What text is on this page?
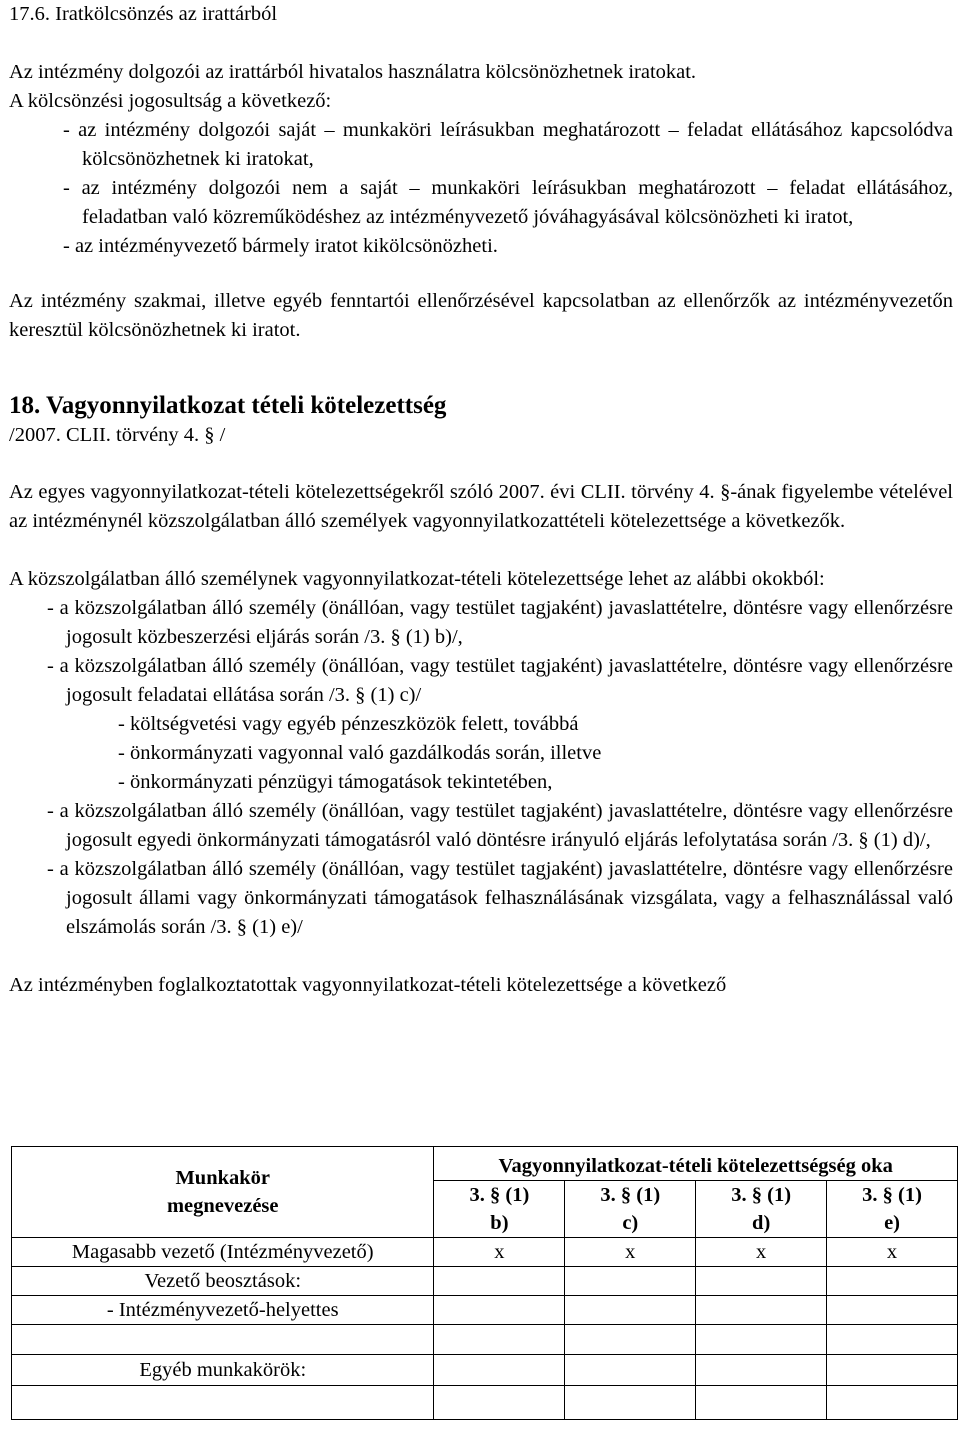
17.6. Iratkölcsönzés az irattárból

Az intézmény dolgozói az irattárból hivatalos használatra kölcsönözhetnek iratokat.

A kölcsönzési jogosultság a következő:

- az intézmény dolgozói saját – munkaköri leírásukban meghatározott – feladat ellátásához kapcsolódva kölcsönözhetnek ki iratokat,

- az intézmény dolgozói nem a saját – munkaköri leírásukban meghatározott – feladat ellátásához, feladatban való közreműködéshez az intézményvezető jóváhagyásával kölcsönözheti ki iratot,

- az intézményvezető bármely iratot kikölcsönözheti.

Az intézmény szakmai, illetve egyéb fenntartói ellenőrzésével kapcsolatban az ellenőrzők az intézményvezetőn keresztül kölcsönözhetnek ki iratot.

18. Vagyonnyilatkozat tételi kötelezettség

/2007. CLII. törvény 4. § /

Az egyes vagyonnyilatkozat-tételi kötelezettségekről szóló 2007. évi CLII. törvény 4. §-ának figyelembe vételével az intézménynél közszolgálatban álló személyek vagyonnyilatkozattételi kötelezettsége a következők.

A közszolgálatban álló személynek vagyonnyilatkozat-tételi kötelezettsége lehet az alábbi okokból:

- a közszolgálatban álló személy (önállóan, vagy testület tagjaként) javaslattételre, döntésre vagy ellenőrzésre jogosult közbeszerzési eljárás során /3. § (1) b)/,

- a közszolgálatban álló személy (önállóan, vagy testület tagjaként) javaslattételre, döntésre vagy ellenőrzésre jogosult feladatai ellátása során /3. § (1) c)/

- költségvetési vagy egyéb pénzeszközök felett, továbbá

- önkormányzati vagyonnal való gazdálkodás során, illetve

- önkormányzati pénzügyi támogatások tekintetében,

- a közszolgálatban álló személy (önállóan, vagy testület tagjaként) javaslattételre, döntésre vagy ellenőrzésre jogosult egyedi önkormányzati támogatásról való döntésre irányuló eljárás lefolytatása során /3. § (1) d)/,

- a közszolgálatban álló személy (önállóan, vagy testület tagjaként) javaslattételre, döntésre vagy ellenőrzésre jogosult állami vagy önkormányzati támogatások felhasználásának vizsgálata, vagy a felhasználással való elszámolás során /3. § (1) e)/

Az intézményben foglalkoztatottak vagyonnyilatkozat-tételi kötelezettsége a következő

Munkakör megnevezése	Vagyonnyilatkozat-tételi kötelezettségség oka			

	3. § (1) b)	3. § (1) c)	3. § (1) d)	3. § (1) e)

Magasabb vezető (Intézményvezető)	x	x	x	x
Vezető beosztások:				
- Intézményvezető-helyettes				

Egyéb munkakörök:				
